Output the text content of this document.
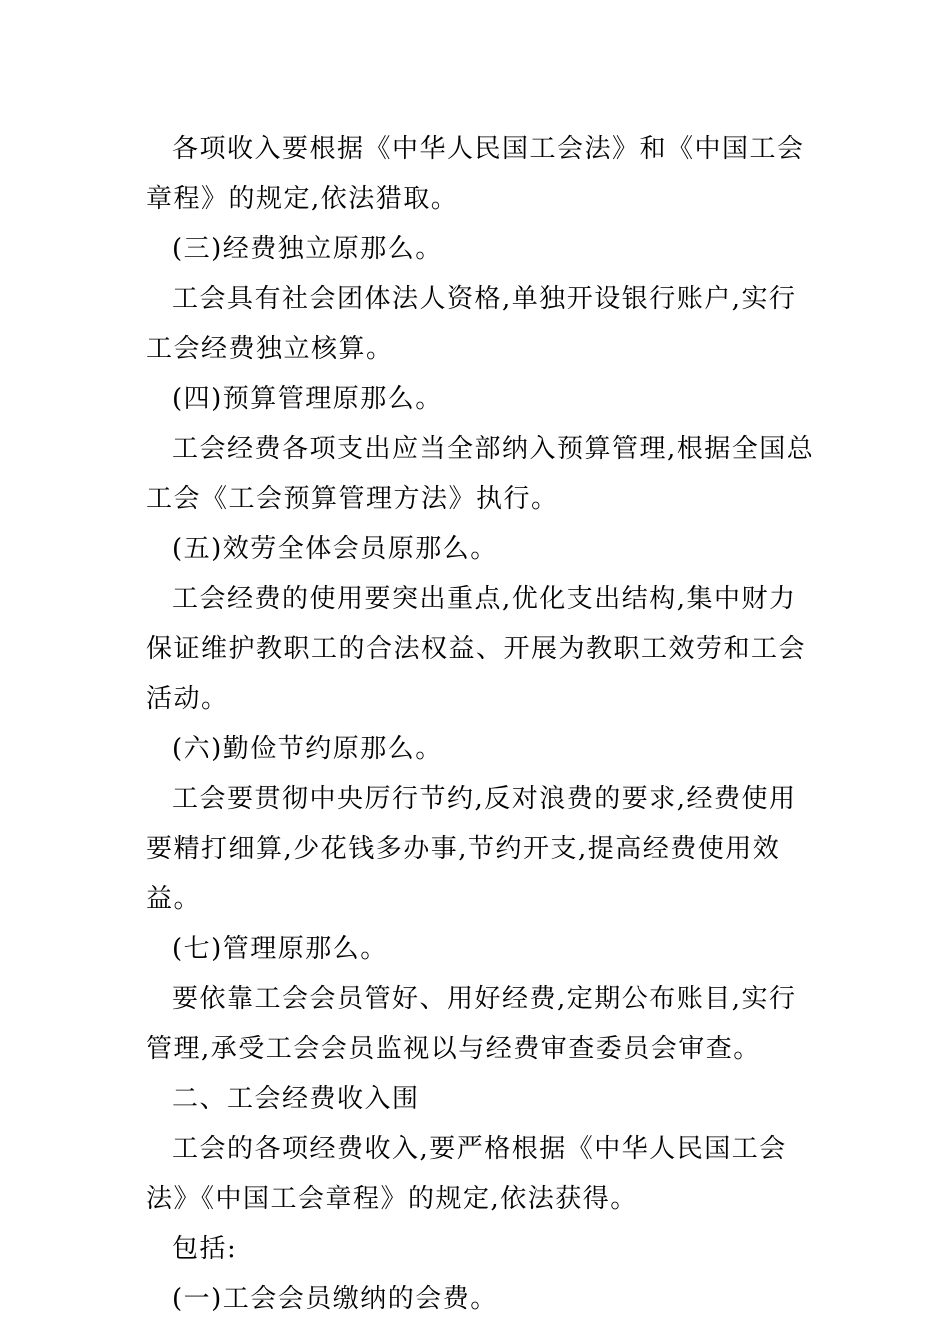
各项收入要根据《中华人民国工会法》和《中国工会章程》的规定,依法猎取。

(三)经费独立原那么。

工会具有社会团体法人资格,单独开设银行账户,实行工会经费独立核算。

(四)预算管理原那么。

工会经费各项支出应当全部纳入预算管理,根据全国总工会《工会预算管理方法》执行。

(五)效劳全体会员原那么。

工会经费的使用要突出重点,优化支出结构,集中财力保证维护教职工的合法权益、开展为教职工效劳和工会活动。

(六)勤俭节约原那么。

工会要贯彻中央厉行节约,反对浪费的要求,经费使用要精打细算,少花钱多办事,节约开支,提高经费使用效益。

(七)管理原那么。

要依靠工会会员管好、用好经费,定期公布账目,实行管理,承受工会会员监视以与经费审查委员会审查。

二、工会经费收入围

工会的各项经费收入,要严格根据《中华人民国工会法》《中国工会章程》的规定,依法获得。

包括:

(一)工会会员缴纳的会费。
